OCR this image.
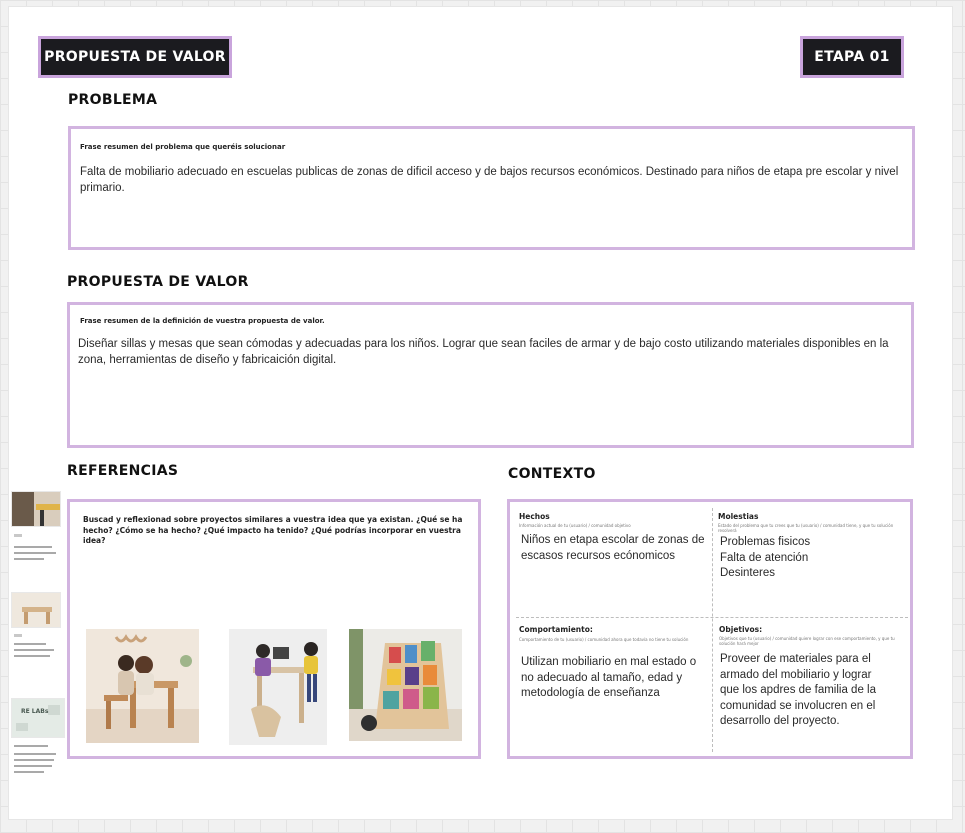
PROPUESTA DE VALOR	ETAPA 01
PROBLEMA
Frase resumen del problema que queréis solucionar
Falta de mobiliario adecuado en escuelas publicas de zonas de dificil acceso y de bajos recursos económicos. Destinado para niños de etapa pre escolar y nivel primario.
PROPUESTA DE VALOR
Frase resumen de la definición de vuestra propuesta de valor.
Diseñar sillas y mesas que sean cómodas y adecuadas para los niños. Lograr que sean faciles de armar y de bajo costo utilizando materiales disponibles en la zona, herramientas de diseño y fabricaición digital.
REFERENCIAS
Buscad y reflexionad sobre proyectos similares a vuestra idea que ya existan. ¿Qué se ha hecho? ¿Cómo se ha hecho? ¿Qué impacto ha tenido? ¿Qué podrías incorporar en vuestra idea?
CONTEXTO
Hechos
Información actual de tu (usuario) / comunidad objetivo
Niños en etapa escolar de zonas de escasos recursos ecónomicos
Molestias
Estado del problema que tu crees que tu (usuario) / comunidad tiene, y que tu solución resolverá
Problemas fisicos
Falta de atención
Desinteres
Comportamiento:
Comportamiento de tu (usuario) / comunidad ahora que todavía no tiene tu solución
Utilizan mobiliario en mal estado o no adecuado al tamaño, edad y metodología de enseñanza
Objetivos:
Objetivos que tu (usuario) / comunidad quiere lograr con ese comportamiento, y que tu solución hará mejor
Proveer de materiales para el armado del mobiliario y lograr que los apdres de familia de la comunidad se involucren en el desarrollo del proyecto.
RE LABs
